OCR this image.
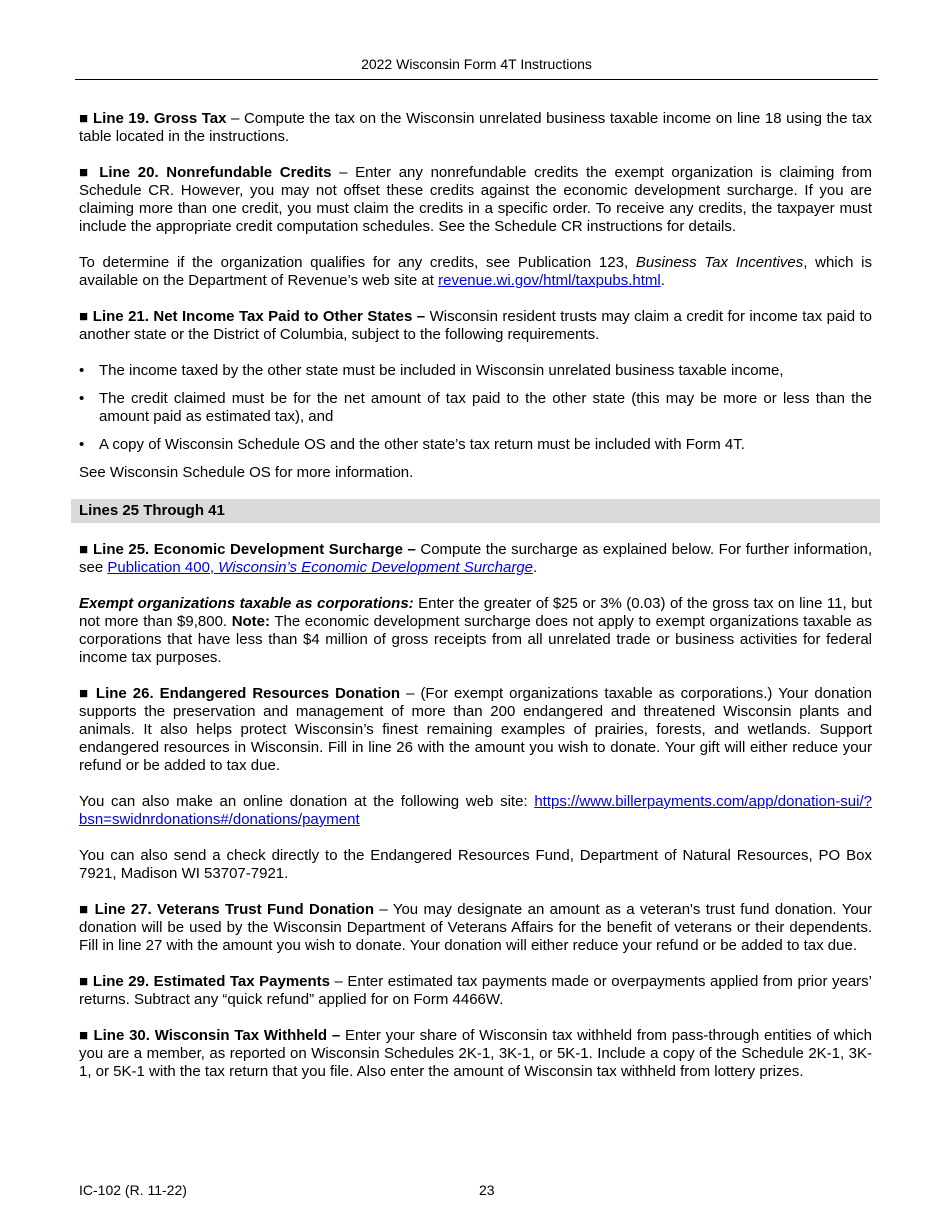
2022 Wisconsin Form 4T Instructions

■ Line 19. Gross Tax – Compute the tax on the Wisconsin unrelated business taxable income on line 18 using the tax table located in the instructions.

■ Line 20. Nonrefundable Credits – Enter any nonrefundable credits the exempt organization is claiming from Schedule CR. However, you may not offset these credits against the economic development surcharge. If you are claiming more than one credit, you must claim the credits in a specific order. To receive any credits, the taxpayer must include the appropriate credit computation schedules. See the Schedule CR instructions for details.

To determine if the organization qualifies for any credits, see Publication 123, Business Tax Incentives, which is available on the Department of Revenue’s web site at revenue.wi.gov/html/taxpubs.html.

■ Line 21. Net Income Tax Paid to Other States – Wisconsin resident trusts may claim a credit for income tax paid to another state or the District of Columbia, subject to the following requirements.

• The income taxed by the other state must be included in Wisconsin unrelated business taxable income,
• The credit claimed must be for the net amount of tax paid to the other state (this may be more or less than the amount paid as estimated tax), and
• A copy of Wisconsin Schedule OS and the other state’s tax return must be included with Form 4T.

See Wisconsin Schedule OS for more information.

Lines 25 Through 41

■ Line 25. Economic Development Surcharge – Compute the surcharge as explained below. For further information, see Publication 400, Wisconsin’s Economic Development Surcharge.

Exempt organizations taxable as corporations: Enter the greater of $25 or 3% (0.03) of the gross tax on line 11, but not more than $9,800. Note: The economic development surcharge does not apply to exempt organizations taxable as corporations that have less than $4 million of gross receipts from all unrelated trade or business activities for federal income tax purposes.

■ Line 26. Endangered Resources Donation – (For exempt organizations taxable as corporations.) Your donation supports the preservation and management of more than 200 endangered and threatened Wisconsin plants and animals. It also helps protect Wisconsin’s finest remaining examples of prairies, forests, and wetlands. Support endangered resources in Wisconsin. Fill in line 26 with the amount you wish to donate. Your gift will either reduce your refund or be added to tax due.

You can also make an online donation at the following web site: https://www.billerpayments.com/app/donation-sui/?bsn=swidnrdonations#/donations/payment

You can also send a check directly to the Endangered Resources Fund, Department of Natural Resources, PO Box 7921, Madison WI 53707-7921.

■ Line 27. Veterans Trust Fund Donation – You may designate an amount as a veteran's trust fund donation. Your donation will be used by the Wisconsin Department of Veterans Affairs for the benefit of veterans or their dependents. Fill in line 27 with the amount you wish to donate. Your donation will either reduce your refund or be added to tax due.

■ Line 29. Estimated Tax Payments – Enter estimated tax payments made or overpayments applied from prior years’ returns. Subtract any “quick refund” applied for on Form 4466W.

■ Line 30. Wisconsin Tax Withheld – Enter your share of Wisconsin tax withheld from pass-through entities of which you are a member, as reported on Wisconsin Schedules 2K-1, 3K-1, or 5K-1. Include a copy of the Schedule 2K-1, 3K-1, or 5K-1 with the tax return that you file. Also enter the amount of Wisconsin tax withheld from lottery prizes.

IC-102 (R. 11-22)	23
